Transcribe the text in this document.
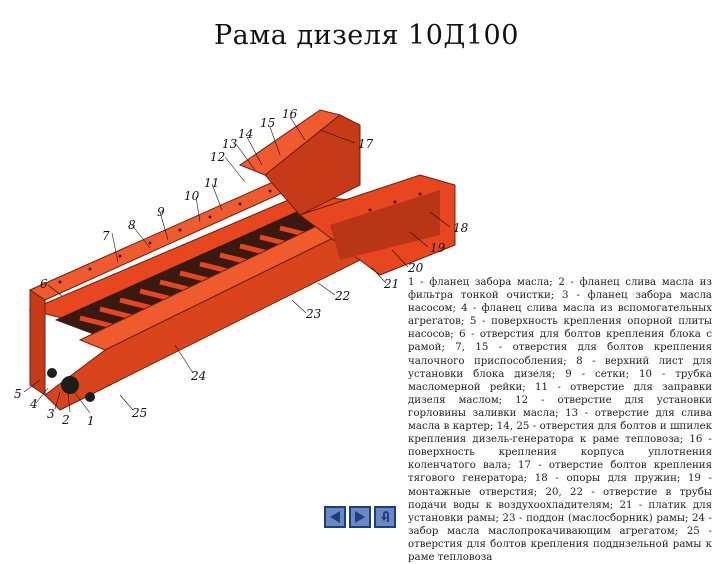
Рама дизеля 10Д100
1
2
3
4
5
6
7
8
9
10
11
12
13
14
15
16
17
18
19
20
21
22
23
24
25

1 - фланец забора масла; 2 - фланец слива масла из фильтра тонкой очистки; 3 - фланец забора масла насосом; 4 - фланец слива масла из вспомогательных агрегатов; 5 - поверхность крепления опорной плиты насосов; 6 - отверстия для болтов крепления блока с рамой; 7, 15 - отверстия для болтов крепления чалочного приспособления; 8 - верхний лист для установки блока дизеля; 9 - сетки; 10 - трубка масломерной рейки; 11 - отверстие для заправки дизеля маслом; 12 - отверстие для установки горловины заливки масла; 13 - отверстие для слива масла в картер; 14, 25 - отверстия для болтов и шпилек крепления дизель-генератора к раме тепловоза; 16 - поверхность крепления корпуса уплотнения коленчатого вала; 17 - отверстие болтов крепления тягового генератора; 18 - опоры для пружин; 19 - монтажные отверстия; 20, 22 - отверстие в трубы подачи воды к воздухоохладителям; 21 - платик для установки рамы; 23 - поддон (маслосборник) рамы; 24 - забор масла маслопрокачивающим агрегатом; 25 - отверстия для болтов крепления подднзельной рамы к раме тепловоза
